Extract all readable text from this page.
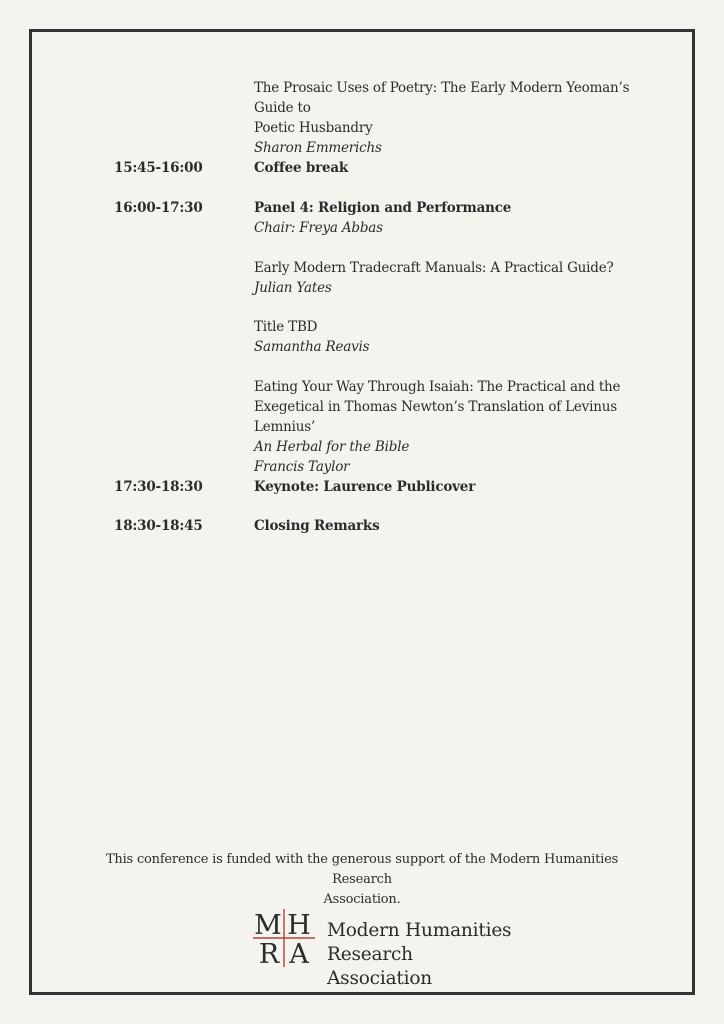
The Prosaic Uses of Poetry: The Early Modern Yeoman’s Guide to
Poetic Husbandry
Sharon Emmerichs
15:45-16:00	Coffee break
16:00-17:30	Panel 4: Religion and Performance
Chair: Freya Abbas
Early Modern Tradecraft Manuals: A Practical Guide?
Julian Yates
Title TBD
Samantha Reavis
Eating Your Way Through Isaiah: The Practical and the
Exegetical in Thomas Newton’s Translation of Levinus Lemnius’
An Herbal for the Bible
Francis Taylor
17:30-18:30	Keynote: Laurence Publicover
18:30-18:45	Closing Remarks
This conference is funded with the generous support of the Modern Humanities Research
Association.
M H
R A
Modern Humanities
Research Association
